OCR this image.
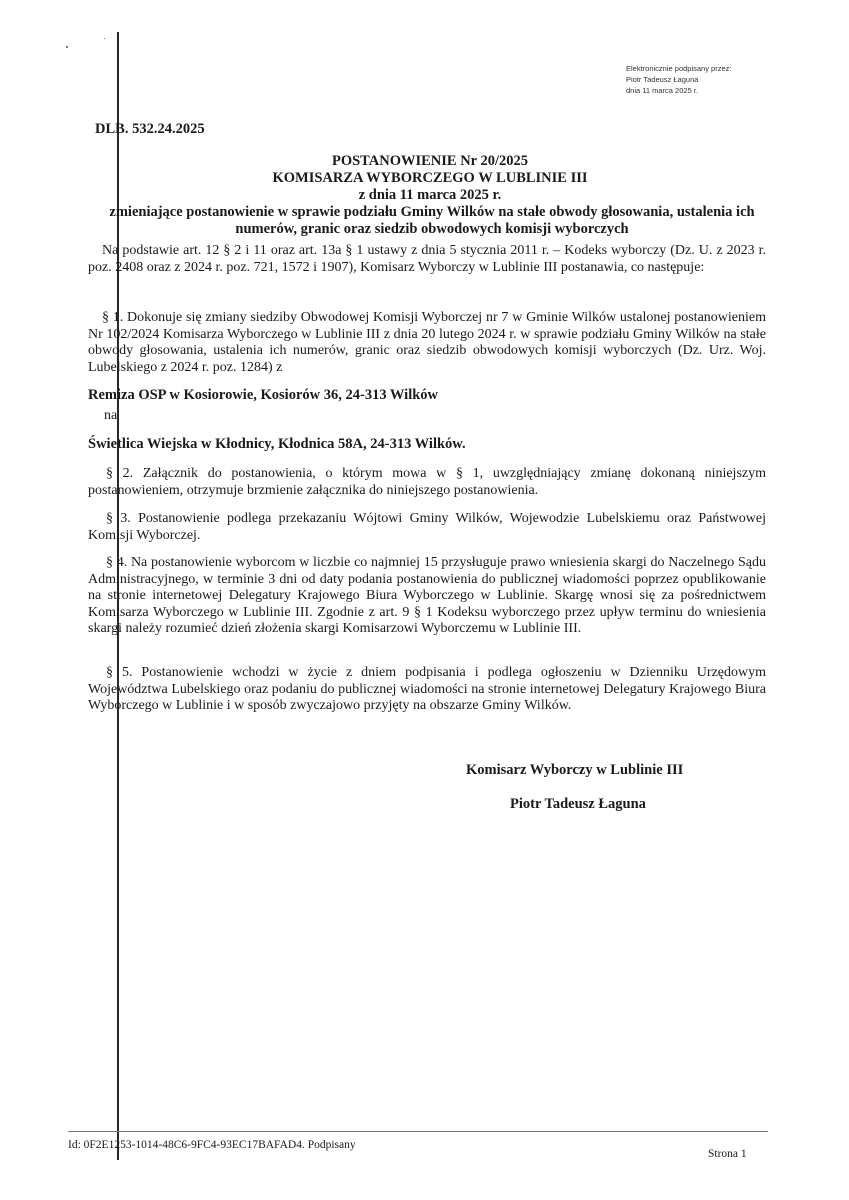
Elektronicznie podpisany przez:
Piotr Tadeusz Łaguna
dnia 11 marca 2025 r.
DLB. 532.24.2025
POSTANOWIENIE Nr 20/2025
KOMISARZA WYBORCZEGO W LUBLINIE III
z dnia 11 marca 2025 r.
zmieniające postanowienie w sprawie podziału Gminy Wilków na stałe obwody głosowania, ustalenia ich numerów, granic oraz siedzib obwodowych komisji wyborczych
Na podstawie art. 12 § 2 i 11 oraz art. 13a § 1 ustawy z dnia 5 stycznia 2011 r. – Kodeks wyborczy (Dz. U. z 2023 r. poz. 2408 oraz z 2024 r. poz. 721, 1572 i 1907), Komisarz Wyborczy w Lublinie III postanawia, co następuje:
§ 1. Dokonuje się zmiany siedziby Obwodowej Komisji Wyborczej nr 7 w Gminie Wilków ustalonej postanowieniem Nr 102/2024 Komisarza Wyborczego w Lublinie III z dnia 20 lutego 2024 r. w sprawie podziału Gminy Wilków na stałe obwody głosowania, ustalenia ich numerów, granic oraz siedzib obwodowych komisji wyborczych (Dz. Urz. Woj. Lubelskiego z 2024 r. poz. 1284) z
Remiza OSP w Kosiorowie, Kosiorów 36, 24-313 Wilków
na
Świetlica Wiejska w Kłodnicy, Kłodnica 58A, 24-313 Wilków.
§ 2. Załącznik do postanowienia, o którym mowa w § 1, uwzględniający zmianę dokonaną niniejszym postanowieniem, otrzymuje brzmienie załącznika do niniejszego postanowienia.
§ 3. Postanowienie podlega przekazaniu Wójtowi Gminy Wilków, Wojewodzie Lubelskiemu oraz Państwowej Komisji Wyborczej.
§ 4. Na postanowienie wyborcom w liczbie co najmniej 15 przysługuje prawo wniesienia skargi do Naczelnego Sądu Administracyjnego, w terminie 3 dni od daty podania postanowienia do publicznej wiadomości poprzez opublikowanie na stronie internetowej Delegatury Krajowego Biura Wyborczego w Lublinie. Skargę wnosi się za pośrednictwem Komisarza Wyborczego w Lublinie III. Zgodnie z art. 9 § 1 Kodeksu wyborczego przez upływ terminu do wniesienia skargi należy rozumieć dzień złożenia skargi Komisarzowi Wyborczemu w Lublinie III.
§ 5. Postanowienie wchodzi w życie z dniem podpisania i podlega ogłoszeniu w Dzienniku Urzędowym Województwa Lubelskiego oraz podaniu do publicznej wiadomości na stronie internetowej Delegatury Krajowego Biura Wyborczego w Lublinie i w sposób zwyczajowo przyjęty na obszarze Gminy Wilków.
Komisarz Wyborczy w Lublinie III
Piotr Tadeusz Łaguna
Id: 0F2E1253-1014-48C6-9FC4-93EC17BAFAD4. Podpisany
Strona 1
